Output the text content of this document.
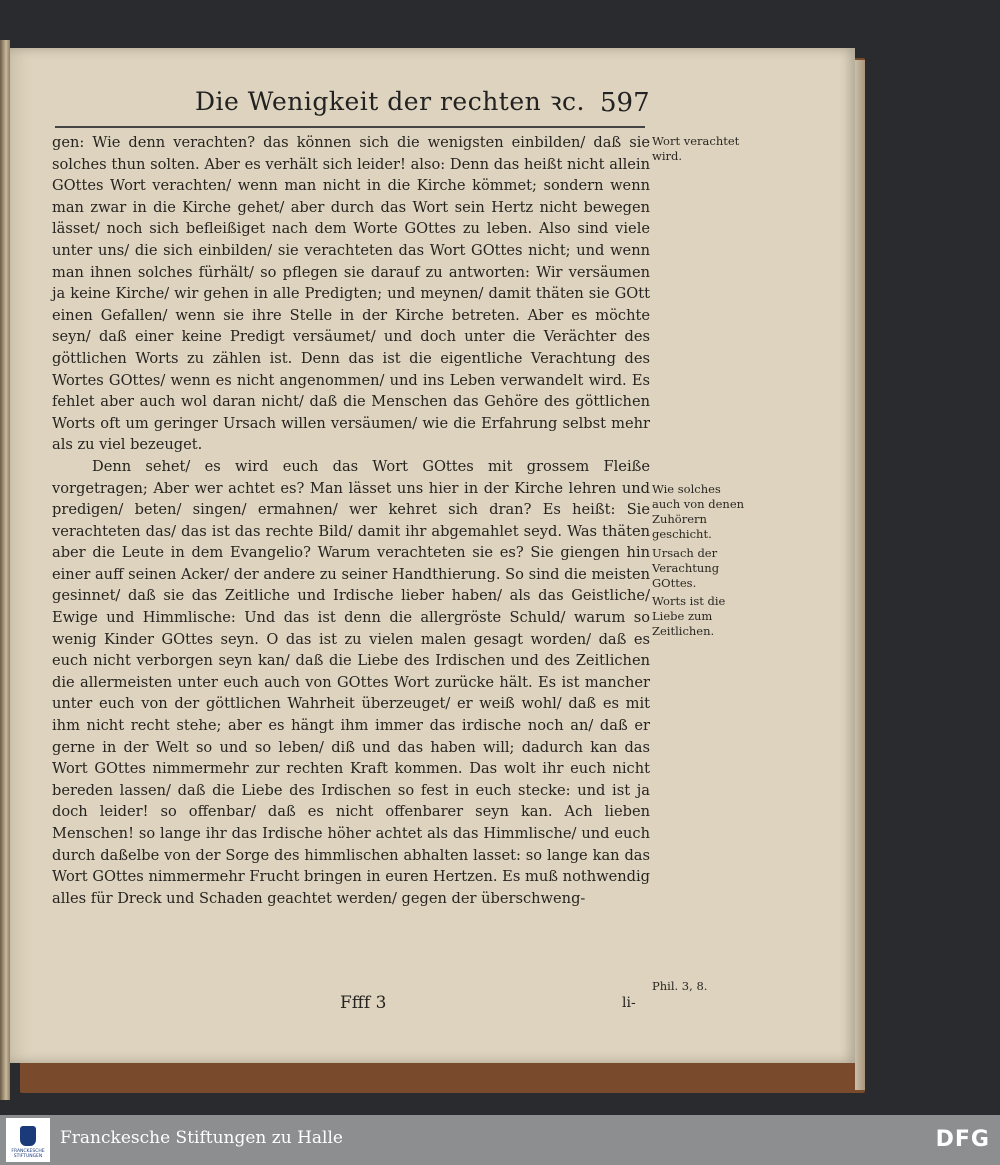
Die Wenigkeit der rechten ꝛc. 597

gen: Wie denn verachten? das können sich die wenigsten einbilden/ daß sie solches thun solten. Aber es verhält sich leider! also: Denn das heißt nicht allein GOttes Wort verachten/ wenn man nicht in die Kirche kömmet; sondern wenn man zwar in die Kirche gehet/ aber durch das Wort sein Hertz nicht bewegen lässet/ noch sich befleißiget nach dem Worte GOttes zu leben. Also sind viele unter uns/ die sich einbilden/ sie verachteten das Wort GOttes nicht; und wenn man ihnen solches fürhält/ so pflegen sie darauf zu antworten: Wir versäumen ja keine Kirche/ wir gehen in alle Predigten; und meynen/ damit thäten sie GOtt einen Gefallen/ wenn sie ihre Stelle in der Kirche betreten. Aber es möchte seyn/ daß einer keine Predigt versäumet/ und doch unter die Verächter des göttlichen Worts zu zählen ist. Denn das ist die eigentliche Verachtung des Wortes GOttes/ wenn es nicht angenommen/ und ins Leben verwandelt wird. Es fehlet aber auch wol daran nicht/ daß die Menschen das Gehöre des göttlichen Worts oft um geringer Ursach willen versäumen/ wie die Erfahrung selbst mehr als zu viel bezeuget.

Denn sehet/ es wird euch das Wort GOttes mit grossem Fleiße vorgetragen; Aber wer achtet es? Man lässet uns hier in der Kirche lehren und predigen/ beten/ singen/ ermahnen/ wer kehret sich dran? Es heißt: Sie verachteten das/ das ist das rechte Bild/ damit ihr abgemahlet seyd. Was thäten aber die Leute in dem Evangelio? Warum verachteten sie es? Sie giengen hin einer auff seinen Acker/ der andere zu seiner Handthierung. So sind die meisten gesinnet/ daß sie das Zeitliche und Irdische lieber haben/ als das Geistliche/ Ewige und Himmlische: Und das ist denn die allergröste Schuld/ warum so wenig Kinder GOttes seyn. O das ist zu vielen malen gesagt worden/ daß es euch nicht verborgen seyn kan/ daß die Liebe des Irdischen und des Zeitlichen die allermeisten unter euch auch von GOttes Wort zurücke hält. Es ist mancher unter euch von der göttlichen Wahrheit überzeuget/ er weiß wohl/ daß es mit ihm nicht recht stehe; aber es hängt ihm immer das irdische noch an/ daß er gerne in der Welt so und so leben/ diß und das haben will; dadurch kan das Wort GOttes nimmermehr zur rechten Kraft kommen. Das wolt ihr euch nicht bereden lassen/ daß die Liebe des Irdischen so fest in euch stecke: und ist ja doch leider! so offenbar/ daß es nicht offenbarer seyn kan. Ach lieben Menschen! so lange ihr das Irdische höher achtet als das Himmlische/ und euch durch daßelbe von der Sorge des himmlischen abhalten lasset: so lange kan das Wort GOttes nimmermehr Frucht bringen in euren Hertzen. Es muß nothwendig alles für Dreck und Schaden geachtet werden/ gegen der überschweng-

Wort verachtet wird.
Wie solches auch von denen Zuhörern geschicht.
Ursach der Verachtung GOttes.
Worts ist die Liebe zum Zeitlichen.
Phil. 3, 8.
Ffff 3	li-
FRANCKESCHE STIFTUNGEN
Franckesche Stiftungen zu Halle	DFG
